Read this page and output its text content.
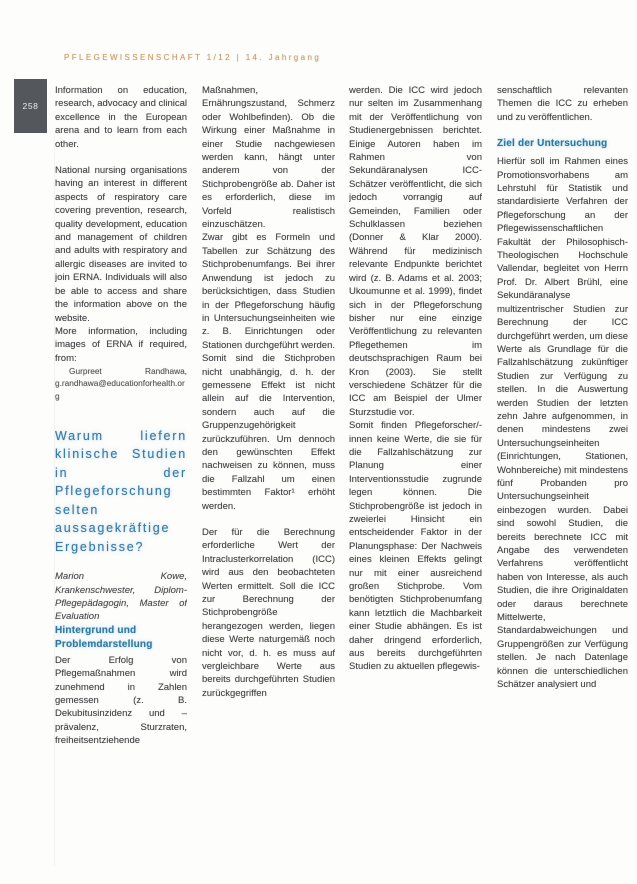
PFLEGEWISSENSCHAFT 1/12 | 14. Jahrgang
258

Information on education, research, advocacy and clinical excellence in the European arena and to learn from each other.

National nursing organisations having an interest in different aspects of respiratory care covering prevention, research, quality development, education and management of children and adults with respiratory and allergic diseases are invited to join ERNA. Individuals will also be able to access and share the information above on the website.

More information, including images of ERNA if required, from:

Gurpreet Randhawa, g.randhawa@educationforhealth.org

Warum liefern klinische Studien in der Pflegeforschung selten aussagekräftige Ergebnisse?

Marion Kowe, Krankenschwester, Diplom-Pflegepädagogin, Master of Evaluation

Hintergrund und Problemdarstellung

Der Erfolg von Pflegemaßnahmen wird zunehmend in Zahlen gemessen (z. B. Dekubitusinzidenz und –prävalenz, Sturzraten, freiheitsentziehende

Maßnahmen, Ernährungszustand, Schmerz oder Wohlbefinden). Ob die Wirkung einer Maßnahme in einer Studie nachgewiesen werden kann, hängt unter anderem von der Stichprobengröße ab. Daher ist es erforderlich, diese im Vorfeld realistisch einzuschätzen.

Zwar gibt es Formeln und Tabellen zur Schätzung des Stichprobenumfangs. Bei ihrer Anwendung ist jedoch zu berücksichtigen, dass Studien in der Pflegeforschung häufig in Untersuchungseinheiten wie z. B. Einrichtungen oder Stationen durchgeführt werden. Somit sind die Stichproben nicht unabhängig, d. h. der gemessene Effekt ist nicht allein auf die Intervention, sondern auch auf die Gruppenzugehörigkeit zurückzuführen. Um dennoch den gewünschten Effekt nachweisen zu können, muss die Fallzahl um einen bestimmten Faktor¹ erhöht werden.

Der für die Berechnung erforderliche Wert der Intraclusterkorrelation (ICC) wird aus den beobachteten Werten ermittelt. Soll die ICC zur Berechnung der Stichprobengröße herangezogen werden, liegen diese Werte naturgemäß noch nicht vor, d. h. es muss auf vergleichbare Werte aus bereits durchgeführten Studien zurückgegriffen

werden. Die ICC wird jedoch nur selten im Zusammenhang mit der Veröffentlichung von Studienergebnissen berichtet. Einige Autoren haben im Rahmen von Sekundäranalysen ICC-Schätzer veröffentlicht, die sich jedoch vorrangig auf Gemeinden, Familien oder Schulklassen beziehen (Donner & Klar 2000). Während für medizinisch relevante Endpunkte berichtet wird (z. B. Adams et al. 2003; Ukoumunne et al. 1999), findet sich in der Pflegeforschung bisher nur eine einzige Veröffentlichung zu relevanten Pflegethemen im deutschsprachigen Raum bei Kron (2003). Sie stellt verschiedene Schätzer für die ICC am Beispiel der Ulmer Sturzstudie vor.

Somit finden Pflegeforscher/-innen keine Werte, die sie für die Fallzahlschätzung zur Planung einer Interventionsstudie zugrunde legen können. Die Stichprobengröße ist jedoch in zweierlei Hinsicht ein entscheidender Faktor in der Planungsphase: Der Nachweis eines kleinen Effekts gelingt nur mit einer ausreichend großen Stichprobe. Vom benötigten Stichprobenumfang kann letztlich die Machbarkeit einer Studie abhängen. Es ist daher dringend erforderlich, aus bereits durchgeführten Studien zu aktuellen pflegewis-

senschaftlich relevanten Themen die ICC zu erheben und zu veröffentlichen.

Ziel der Untersuchung

Hierfür soll im Rahmen eines Promotionsvorhabens am Lehrstuhl für Statistik und standardisierte Verfahren der Pflegeforschung an der Pflegewissenschaftlichen Fakultät der Philosophisch-Theologischen Hochschule Vallendar, begleitet von Herrn Prof. Dr. Albert Brühl, eine Sekundäranalyse multizentrischer Studien zur Berechnung der ICC durchgeführt werden, um diese Werte als Grundlage für die Fallzahlschätzung zukünftiger Studien zur Verfügung zu stellen. In die Auswertung werden Studien der letzten zehn Jahre aufgenommen, in denen mindestens zwei Untersuchungseinheiten (Einrichtungen, Stationen, Wohnbereiche) mit mindestens fünf Probanden pro Untersuchungseinheit einbezogen wurden. Dabei sind sowohl Studien, die bereits berechnete ICC mit Angabe des verwendeten Verfahrens veröffentlicht haben von Interesse, als auch Studien, die ihre Originaldaten oder daraus berechnete Mittelwerte, Standardabweichungen und Gruppengrößen zur Verfügung stellen. Je nach Datenlage können die unterschiedlichen Schätzer analysiert und
